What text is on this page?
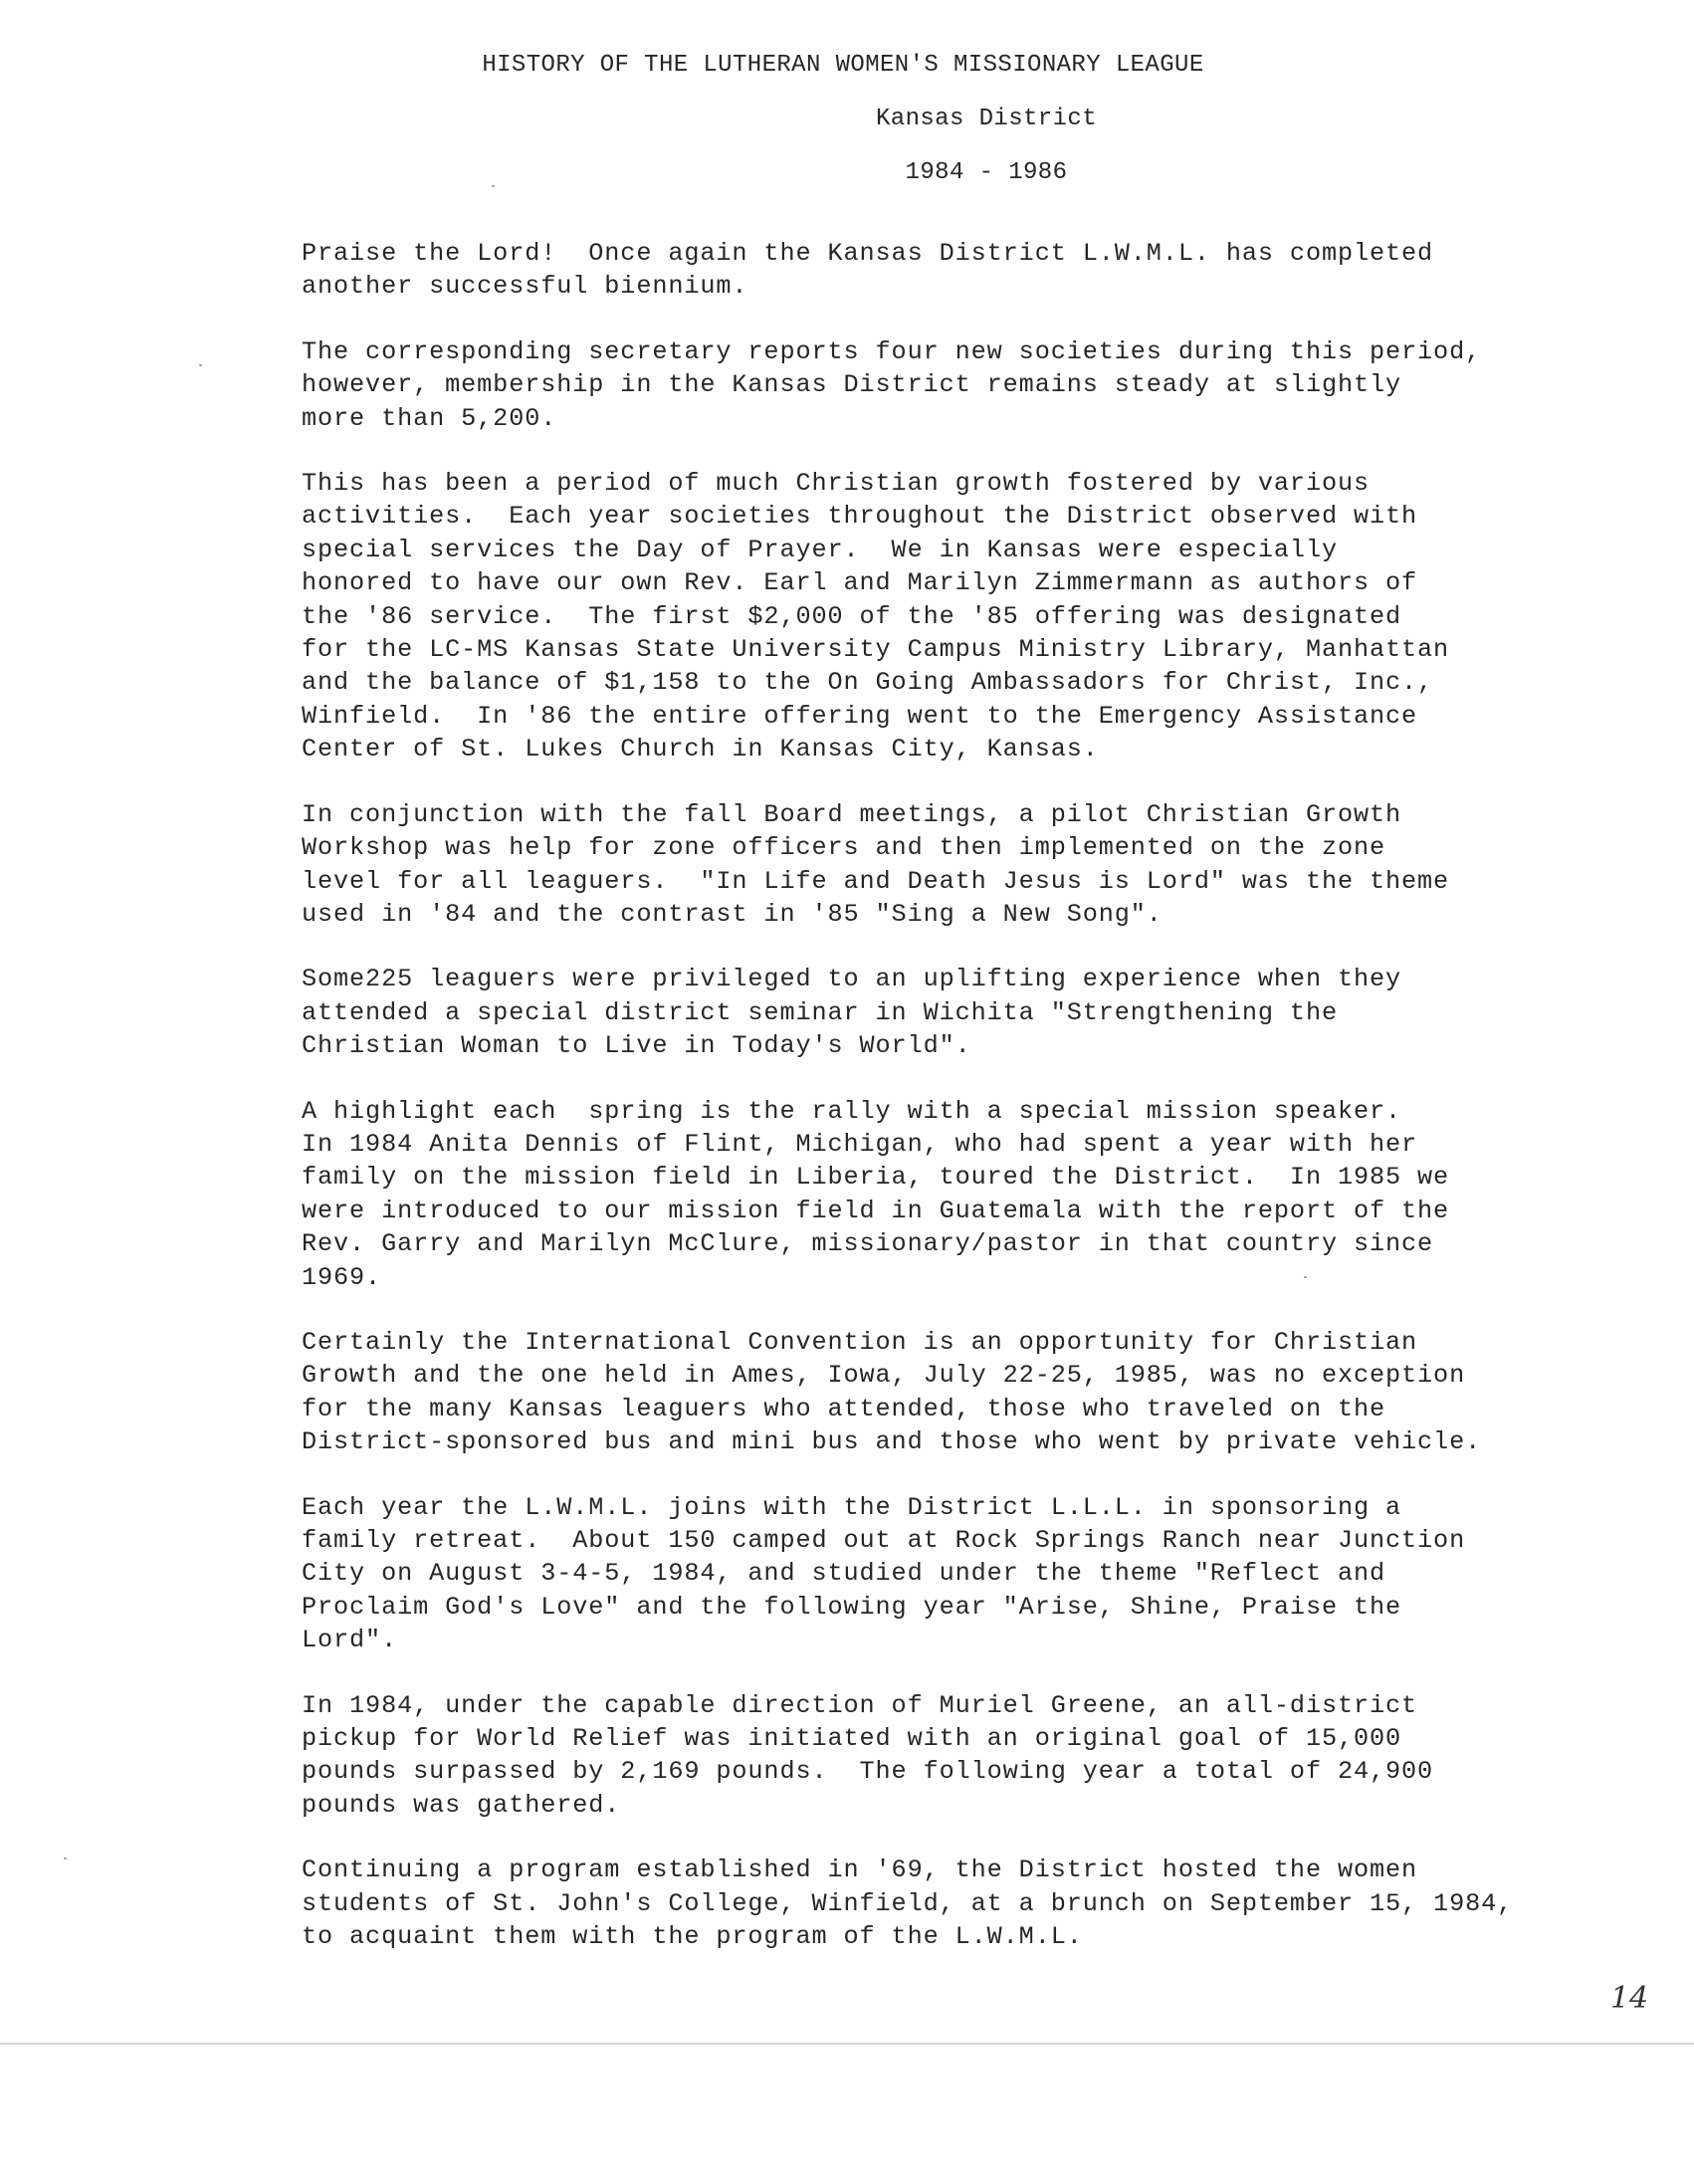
HISTORY OF THE LUTHERAN WOMEN'S MISSIONARY LEAGUE
Kansas District
1984 - 1986
Praise the Lord!  Once again the Kansas District L.W.M.L. has completed
another successful biennium.
The corresponding secretary reports four new societies during this period,
however, membership in the Kansas District remains steady at slightly
more than 5,200.
This has been a period of much Christian growth fostered by various
activities.  Each year societies throughout the District observed with
special services the Day of Prayer.  We in Kansas were especially
honored to have our own Rev. Earl and Marilyn Zimmermann as authors of
the '86 service.  The first $2,000 of the '85 offering was designated
for the LC-MS Kansas State University Campus Ministry Library, Manhattan
and the balance of $1,158 to the On Going Ambassadors for Christ, Inc.,
Winfield.  In '86 the entire offering went to the Emergency Assistance
Center of St. Lukes Church in Kansas City, Kansas.
In conjunction with the fall Board meetings, a pilot Christian Growth
Workshop was help for zone officers and then implemented on the zone
level for all leaguers.  "In Life and Death Jesus is Lord" was the theme
used in '84 and the contrast in '85 "Sing a New Song".
Some225 leaguers were privileged to an uplifting experience when they
attended a special district seminar in Wichita "Strengthening the
Christian Woman to Live in Today's World".
A highlight each  spring is the rally with a special mission speaker.
In 1984 Anita Dennis of Flint, Michigan, who had spent a year with her
family on the mission field in Liberia, toured the District.  In 1985 we
were introduced to our mission field in Guatemala with the report of the
Rev. Garry and Marilyn McClure, missionary/pastor in that country since
1969.
Certainly the International Convention is an opportunity for Christian
Growth and the one held in Ames, Iowa, July 22-25, 1985, was no exception
for the many Kansas leaguers who attended, those who traveled on the
District-sponsored bus and mini bus and those who went by private vehicle.
Each year the L.W.M.L. joins with the District L.L.L. in sponsoring a
family retreat.  About 150 camped out at Rock Springs Ranch near Junction
City on August 3-4-5, 1984, and studied under the theme "Reflect and
Proclaim God's Love" and the following year "Arise, Shine, Praise the
Lord".
In 1984, under the capable direction of Muriel Greene, an all-district
pickup for World Relief was initiated with an original goal of 15,000
pounds surpassed by 2,169 pounds.  The following year a total of 24,900
pounds was gathered.
Continuing a program established in '69, the District hosted the women
students of St. John's College, Winfield, at a brunch on September 15, 1984,
to acquaint them with the program of the L.W.M.L.
14
